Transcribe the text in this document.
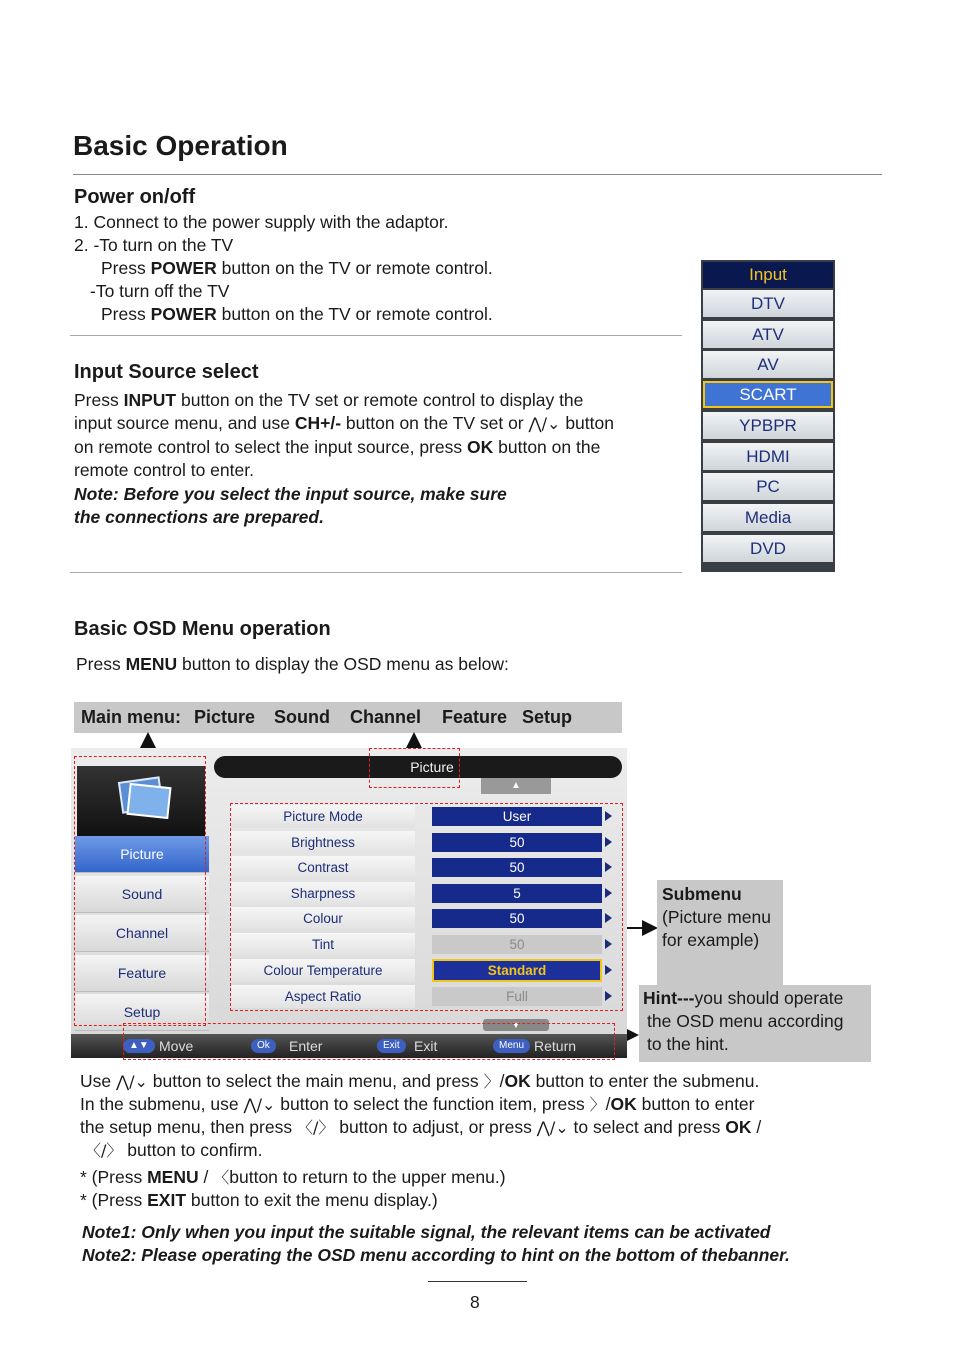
Basic Operation
Power on/off
1. Connect to the power supply with the adaptor.
2. -To turn on the TV
Press POWER button on the TV or remote control.
-To turn off the TV
Press POWER button on the TV or remote control.
Input Source select
Press INPUT button on the TV set or remote control to display the
input source menu, and use CH+/- button on the TV set or ⋀/⌄ button
on remote control to select the input source, press OK button on the
remote control to enter.
Note: Before you select the input source, make sure
the connections are prepared.
Input
DTV
ATV
AV
SCART
YPBPR
HDMI
PC
Media
DVD
Basic OSD Menu operation
Press MENU button to display the OSD menu as below:
Main menu: Picture Sound Channel Feature Setup
Picture
▲
Picture
Sound
Channel
Feature
Setup
Picture Mode	User
Brightness	50
Contrast	50
Sharpness	5
Colour	50
Tint	50
Colour Temperature	Standard
Aspect Ratio	Full
▼
▲▼ Move	Ok	Enter	Exit	Exit	Menu Return
Submenu
(Picture menu
for example)
Hint---you should operate
the OSD menu according
to the hint.
Use ⋀/⌄ button to select the main menu, and press 〉/OK button to enter the submenu.
In the submenu, use ⋀/⌄ button to select the function item, press 〉/OK button to enter
the setup menu, then press 〈/〉 button to adjust, or press ⋀/⌄ to select and press OK /
〈/〉 button to confirm.
* (Press MENU / 〈button to return to the upper menu.)
* (Press EXIT button to exit the menu display.)
Note1: Only when you input the suitable signal, the relevant items can be activated
Note2: Please operating the OSD menu according to hint on the bottom of thebanner.
8
